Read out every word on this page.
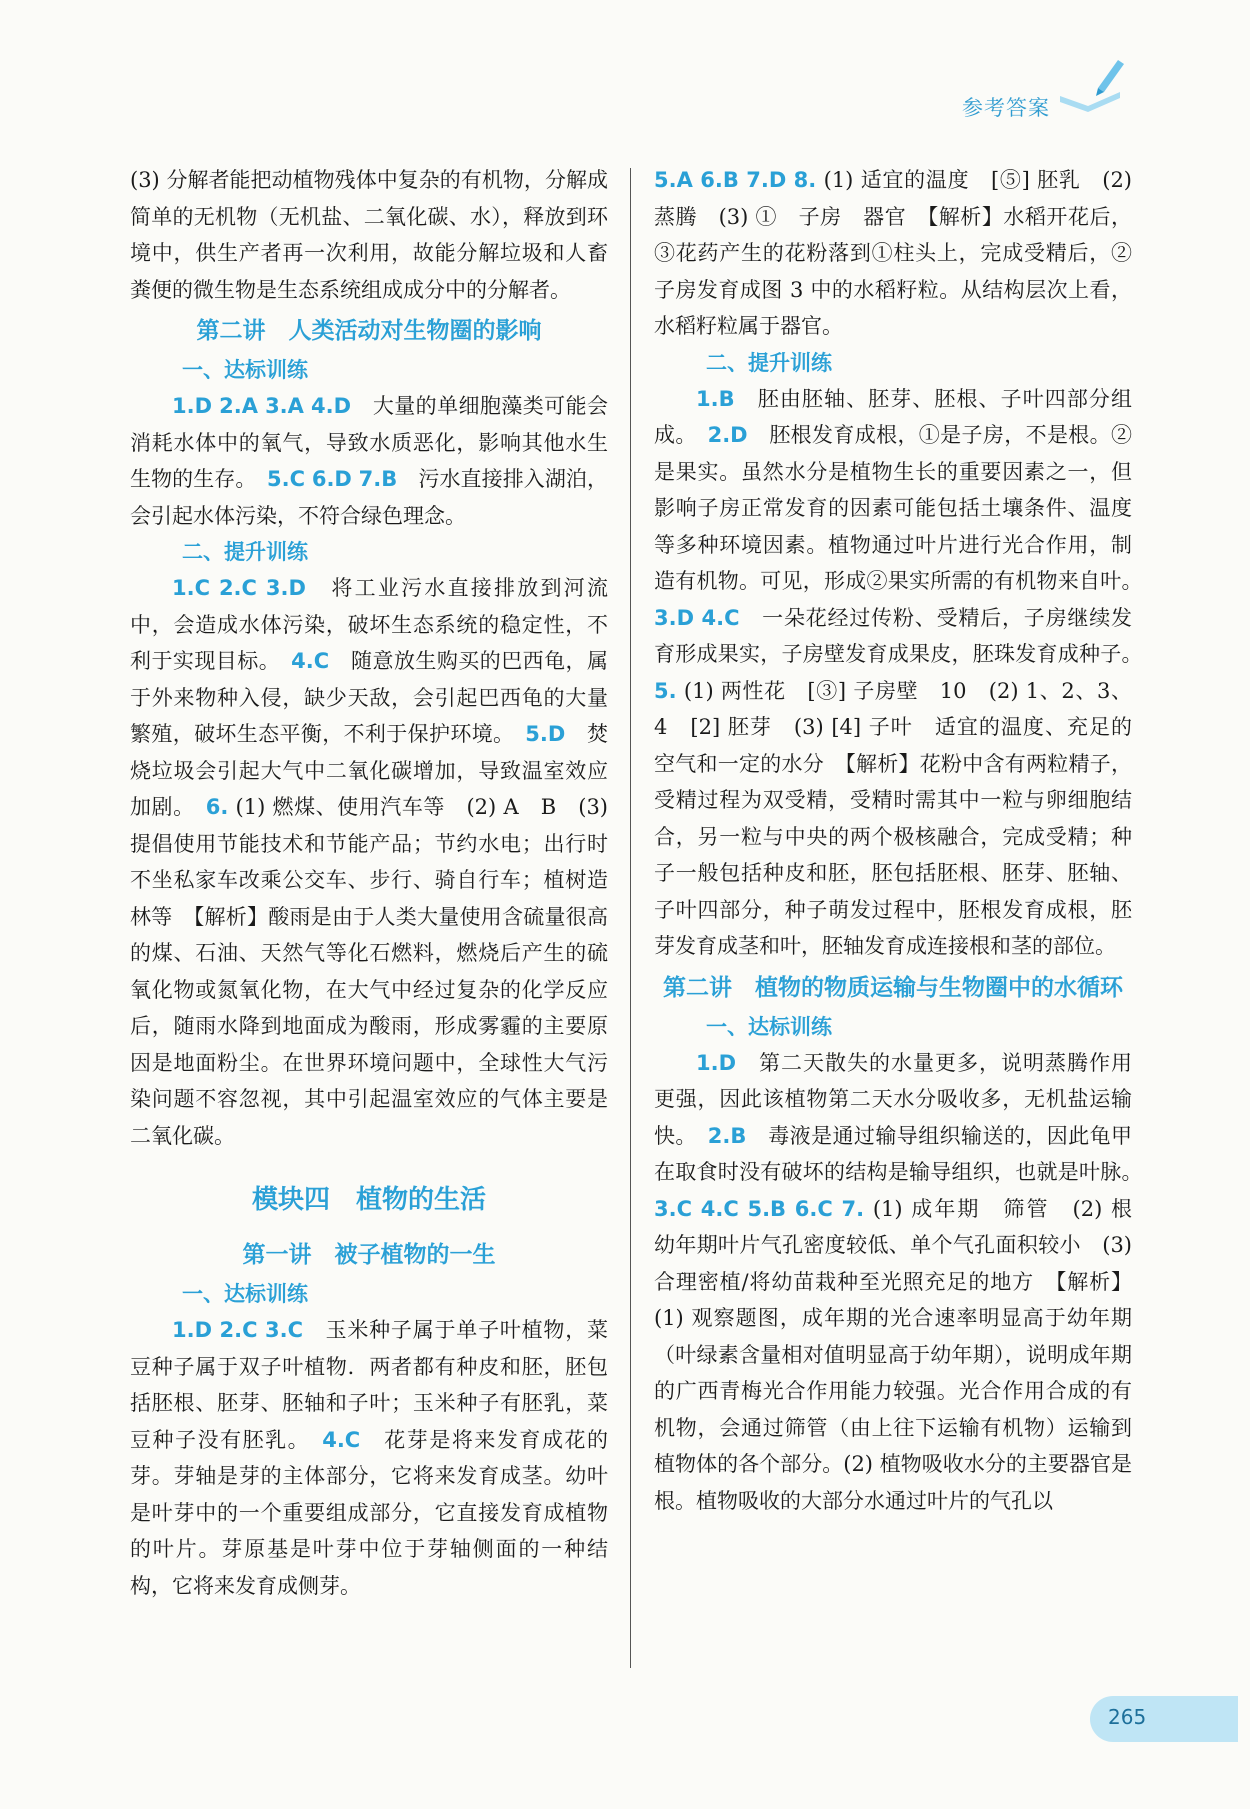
参考答案

(3) 分解者能把动植物残体中复杂的有机物，分解成简单的无机物（无机盐、二氧化碳、水），释放到环境中，供生产者再一次利用，故能分解垃圾和人畜粪便的微生物是生态系统组成成分中的分解者。

第二讲　人类活动对生物圈的影响
一、达标训练

1.D 2.A 3.A 4.D　大量的单细胞藻类可能会消耗水体中的氧气，导致水质恶化，影响其他水生生物的生存。　5.C 6.D 7.B　污水直接排入湖泊，会引起水体污染，不符合绿色理念。

二、提升训练

1.C 2.C 3.D　将工业污水直接排放到河流中，会造成水体污染，破坏生态系统的稳定性，不利于实现目标。　4.C　随意放生购买的巴西龟，属于外来物种入侵，缺少天敌，会引起巴西龟的大量繁殖，破坏生态平衡，不利于保护环境。　5.D　焚烧垃圾会引起大气中二氧化碳增加，导致温室效应加剧。　6. (1) 燃煤、使用汽车等　(2) A　B　(3) 提倡使用节能技术和节能产品；节约水电；出行时不坐私家车改乘公交车、步行、骑自行车；植树造林等　【解析】酸雨是由于人类大量使用含硫量很高的煤、石油、天然气等化石燃料，燃烧后产生的硫氧化物或氮氧化物，在大气中经过复杂的化学反应后，随雨水降到地面成为酸雨，形成雾霾的主要原因是地面粉尘。在世界环境问题中，全球性大气污染问题不容忽视，其中引起温室效应的气体主要是二氧化碳。

模块四　植物的生活
第一讲　被子植物的一生
一、达标训练

1.D 2.C 3.C　玉米种子属于单子叶植物，菜豆种子属于双子叶植物．两者都有种皮和胚，胚包括胚根、胚芽、胚轴和子叶；玉米种子有胚乳，菜豆种子没有胚乳。　4.C　花芽是将来发育成花的芽。芽轴是芽的主体部分，它将来发育成茎。幼叶是叶芽中的一个重要组成部分，它直接发育成植物的叶片。芽原基是叶芽中位于芽轴侧面的一种结构，它将来发育成侧芽。

5.A 6.B 7.D 8. (1) 适宜的温度　[⑤] 胚乳　(2) 蒸腾　(3) ①　子房　器官　【解析】水稻开花后，③花药产生的花粉落到①柱头上，完成受精后，②子房发育成图 3 中的水稻籽粒。从结构层次上看，水稻籽粒属于器官。

二、提升训练

1.B　胚由胚轴、胚芽、胚根、子叶四部分组成。　2.D　胚根发育成根，①是子房，不是根。②是果实。虽然水分是植物生长的重要因素之一，但影响子房正常发育的因素可能包括土壤条件、温度等多种环境因素。植物通过叶片进行光合作用，制造有机物。可见，形成②果实所需的有机物来自叶。　3.D 4.C　一朵花经过传粉、受精后，子房继续发育形成果实，子房壁发育成果皮，胚珠发育成种子。　5. (1) 两性花　[③] 子房壁　10　(2) 1、2、3、4　[2] 胚芽　(3) [4] 子叶　适宜的温度、充足的空气和一定的水分　【解析】花粉中含有两粒精子，受精过程为双受精，受精时需其中一粒与卵细胞结合，另一粒与中央的两个极核融合，完成受精；种子一般包括种皮和胚，胚包括胚根、胚芽、胚轴、子叶四部分，种子萌发过程中，胚根发育成根，胚芽发育成茎和叶，胚轴发育成连接根和茎的部位。

第二讲　植物的物质运输与生物圈中的水循环
一、达标训练

1.D　第二天散失的水量更多，说明蒸腾作用更强，因此该植物第二天水分吸收多，无机盐运输快。　2.B　毒液是通过输导组织输送的，因此龟甲在取食时没有破坏的结构是输导组织，也就是叶脉。　3.C 4.C 5.B 6.C 7. (1) 成年期　筛管　(2) 根　幼年期叶片气孔密度较低、单个气孔面积较小　(3) 合理密植/将幼苗栽种至光照充足的地方　【解析】(1) 观察题图，成年期的光合速率明显高于幼年期（叶绿素含量相对值明显高于幼年期），说明成年期的广西青梅光合作用能力较强。光合作用合成的有机物，会通过筛管（由上往下运输有机物）运输到植物体的各个部分。(2) 植物吸收水分的主要器官是根。植物吸收的大部分水通过叶片的气孔以

265
